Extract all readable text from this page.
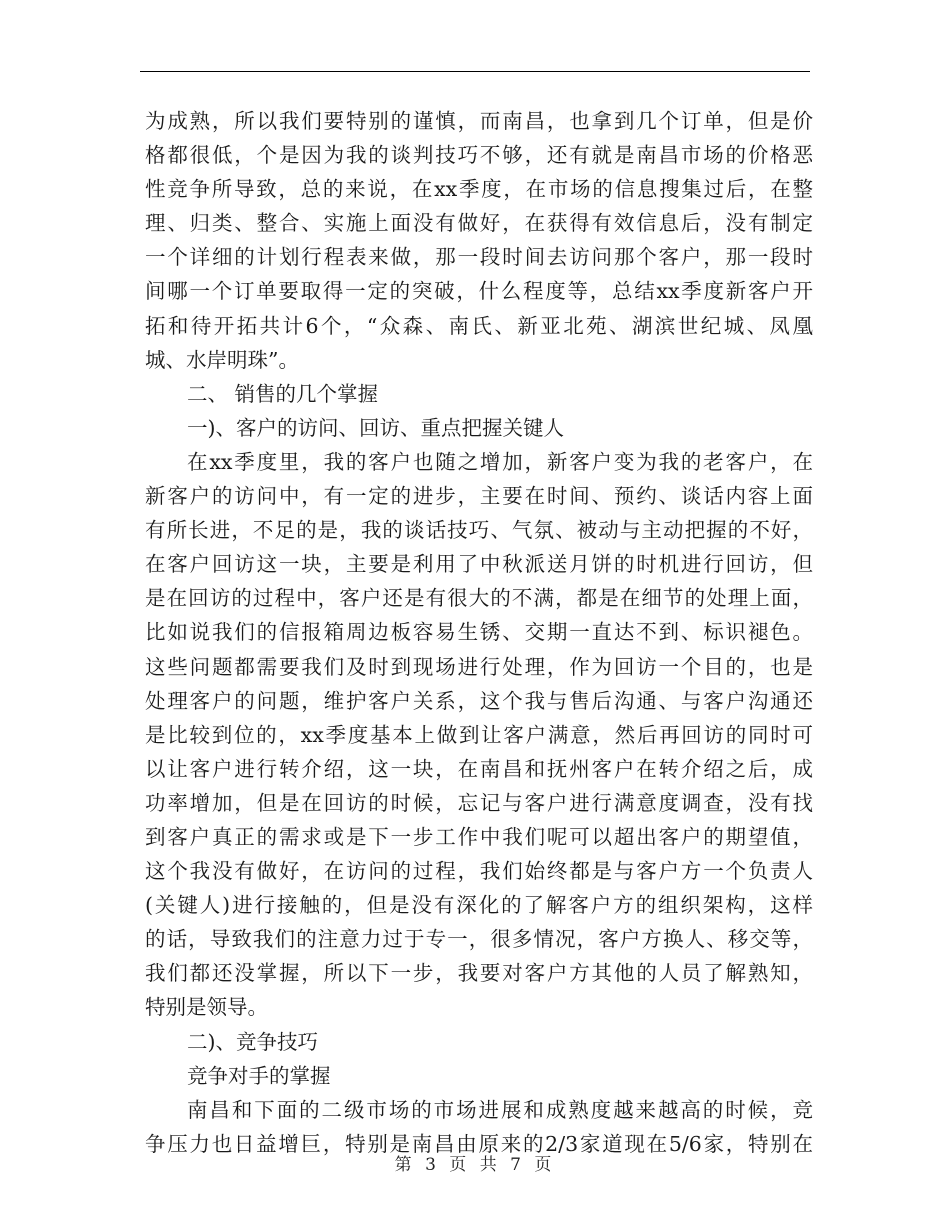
为成熟，所以我们要特别的谨慎，而南昌，也拿到几个订单，但是价
格都很低，个是因为我的谈判技巧不够，还有就是南昌市场的价格恶
性竞争所导致，总的来说，在xx季度，在市场的信息搜集过后，在整
理、归类、整合、实施上面没有做好，在获得有效信息后，没有制定
一个详细的计划行程表来做，那一段时间去访问那个客户，那一段时
间哪一个订单要取得一定的突破，什么程度等，总结xx季度新客户开
拓和待开拓共计6个，“众森、南氏、新亚北苑、湖滨世纪城、凤凰
城、水岸明珠”。
二、 销售的几个掌握
一)、客户的访问、回访、重点把握关键人
在xx季度里，我的客户也随之增加，新客户变为我的老客户，在
新客户的访问中，有一定的进步，主要在时间、预约、谈话内容上面
有所长进，不足的是，我的谈话技巧、气氛、被动与主动把握的不好，
在客户回访这一块，主要是利用了中秋派送月饼的时机进行回访，但
是在回访的过程中，客户还是有很大的不满，都是在细节的处理上面，
比如说我们的信报箱周边板容易生锈、交期一直达不到、标识褪色。
这些问题都需要我们及时到现场进行处理，作为回访一个目的，也是
处理客户的问题，维护客户关系，这个我与售后沟通、与客户沟通还
是比较到位的，xx季度基本上做到让客户满意，然后再回访的同时可
以让客户进行转介绍，这一块，在南昌和抚州客户在转介绍之后，成
功率增加，但是在回访的时候，忘记与客户进行满意度调查，没有找
到客户真正的需求或是下一步工作中我们呢可以超出客户的期望值，
这个我没有做好，在访问的过程，我们始终都是与客户方一个负责人
(关键人)进行接触的，但是没有深化的了解客户方的组织架构，这样
的话，导致我们的注意力过于专一，很多情况，客户方换人、移交等，
我们都还没掌握，所以下一步，我要对客户方其他的人员了解熟知，
特别是领导。
二)、竞争技巧
竞争对手的掌握
南昌和下面的二级市场的市场进展和成熟度越来越高的时候，竞
争压力也日益增巨，特别是南昌由原来的2/3家道现在5/6家，特别在
第 3 页 共 7 页
